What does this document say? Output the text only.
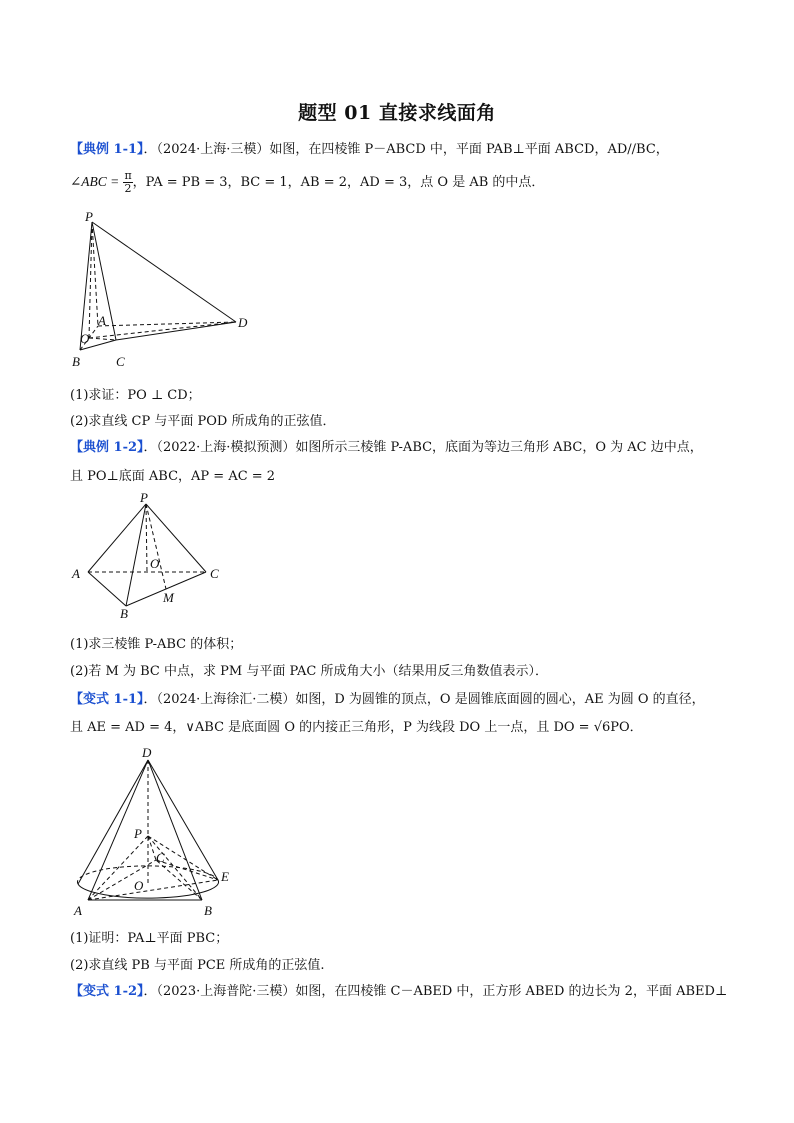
题型 01 直接求线面角
【典例 1-1】．（2024·上海·三模）如图，在四棱锥 P－ABCD 中，平面 PAB⊥平面 ABCD，AD//BC，
∠ABC = $\frac{\pi}{2}$ ，PA = PB = 3，BC = 1，AB = 2，AD = 3，点 O 是 AB 的中点．
P
A
O
B	C
D
(1)求证：PO ⊥ CD；
(2)求直线 CP 与平面 POD 所成角的正弦值．
【典例 1-2】．（2022·上海·模拟预测）如图所示三棱锥 P-ABC，底面为等边三角形 ABC，O 为 AC 边中点，
且 PO⊥底面 ABC，AP = AC = 2
P
O
A	C
B
M
(1)求三棱锥 P-ABC 的体积；
(2)若 M 为 BC 中点，求 PM 与平面 PAC 所成角大小（结果用反三角数值表示）．
【变式 1-1】．（2024·上海徐汇·二模）如图，D 为圆锥的顶点，O 是圆锥底面圆的圆心，AE 为圆 O 的直径，
且 AE = AD = 4，∨ABC 是底面圆 O 的内接正三角形，P 为线段 DO 上一点，且 DO = √6PO．
D
P
C
O
E
A	B
(1)证明：PA⊥平面 PBC；
(2)求直线 PB 与平面 PCE 所成角的正弦值.
【变式 1-2】．（2023·上海普陀·三模）如图，在四棱锥 C－ABED 中，正方形 ABED 的边长为 2，平面 ABED⊥
